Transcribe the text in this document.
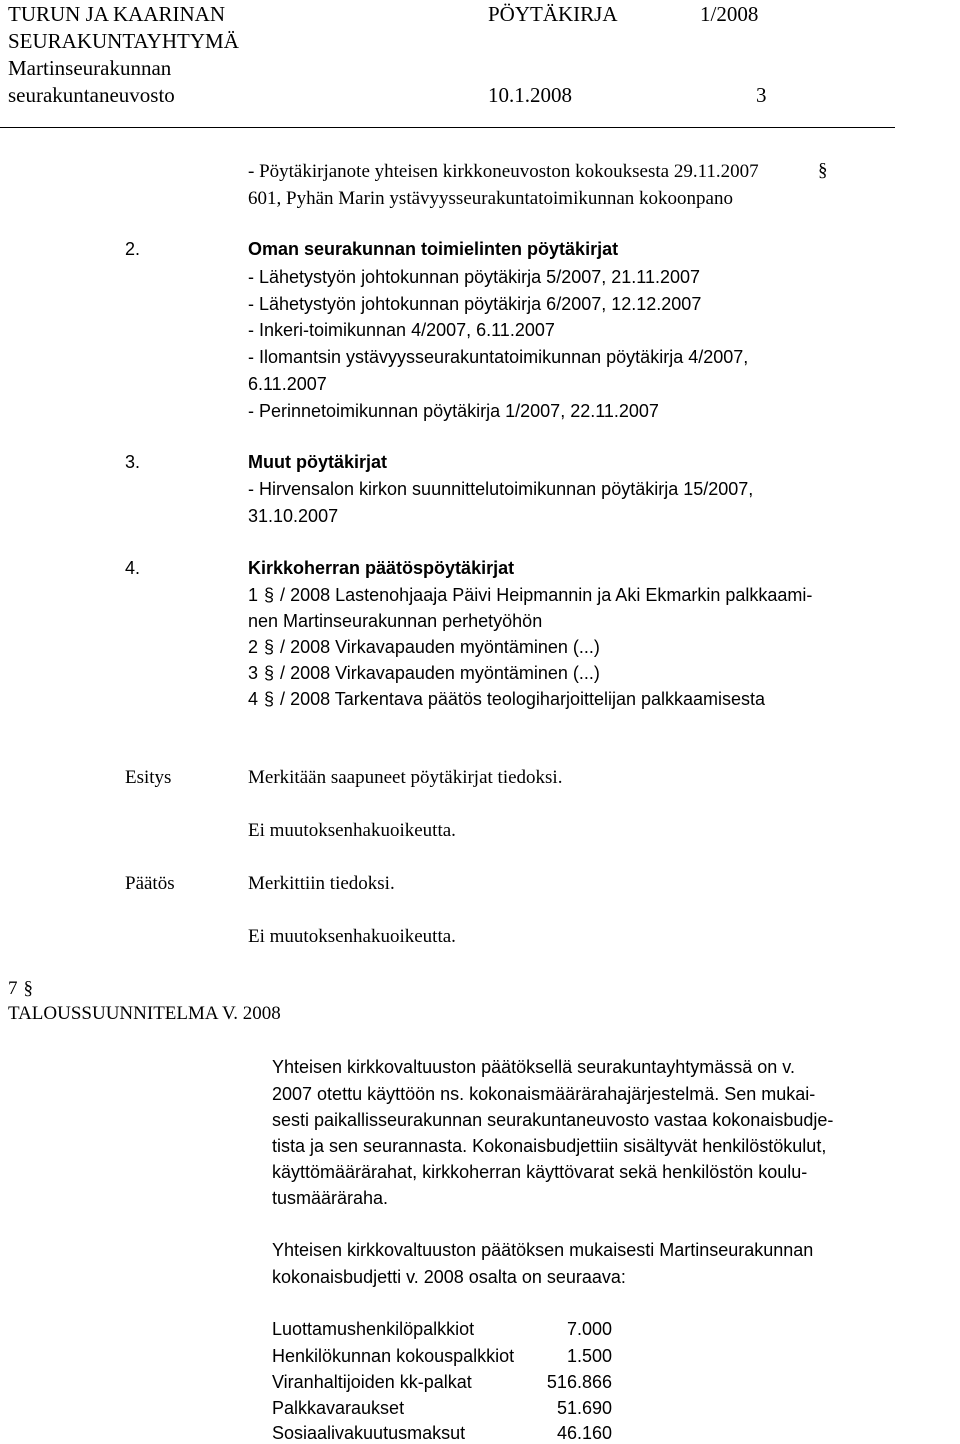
TURUN JA KAARINAN
SEURAKUNTAYHTYMÄ
Martinseurakunnan
seurakuntaneuvosto
PÖYTÄKIRJA	1/2008
10.1.2008	3
- Pöytäkirjanote yhteisen kirkkoneuvoston kokouksesta 29.11.2007	§
601, Pyhän Marin ystävyysseurakuntatoimikunnan kokoonpano
2.	Oman seurakunnan toimielinten pöytäkirjat
- Lähetystyön johtokunnan pöytäkirja 5/2007, 21.11.2007
- Lähetystyön johtokunnan pöytäkirja 6/2007, 12.12.2007
- Inkeri-toimikunnan 4/2007, 6.11.2007
- Ilomantsin ystävyysseurakuntatoimikunnan pöytäkirja 4/2007,
6.11.2007
- Perinnetoimikunnan pöytäkirja 1/2007, 22.11.2007
3.	Muut pöytäkirjat
- Hirvensalon kirkon suunnittelutoimikunnan pöytäkirja 15/2007,
31.10.2007
4.	Kirkkoherran päätöspöytäkirjat
1 § / 2008 Lastenohjaaja Päivi Heipmannin ja Aki Ekmarkin palkkaami-
nen Martinseurakunnan perhetyöhön
2 § / 2008 Virkavapauden myöntäminen (...)
3 § / 2008 Virkavapauden myöntäminen (...)
4 § / 2008 Tarkentava päätös teologiharjoittelijan palkkaamisesta
Esitys	Merkitään saapuneet pöytäkirjat tiedoksi.
Ei muutoksenhakuoikeutta.
Päätös	Merkittiin tiedoksi.
Ei muutoksenhakuoikeutta.
7 §
TALOUSSUUNNITELMA V. 2008
Yhteisen kirkkovaltuuston päätöksellä seurakuntayhtymässä on v.
2007 otettu käyttöön ns. kokonaismäärärahajärjestelmä. Sen mukai-
sesti paikallisseurakunnan seurakuntaneuvosto vastaa kokonaisbudje-
tista ja sen seurannasta. Kokonaisbudjettiin sisältyvät henkilöstökulut,
käyttömäärärahat, kirkkoherran käyttövarat sekä henkilöstön koulu-
tusmääräraha.
Yhteisen kirkkovaltuuston päätöksen mukaisesti Martinseurakunnan
kokonaisbudjetti v. 2008 osalta on seuraava:
Luottamushenkilöpalkkiot	7.000
Henkilökunnan kokouspalkkiot	1.500
Viranhaltijoiden kk-palkat	516.866
Palkkavaraukset	51.690
Sosiaalivakuutusmaksut	46.160
